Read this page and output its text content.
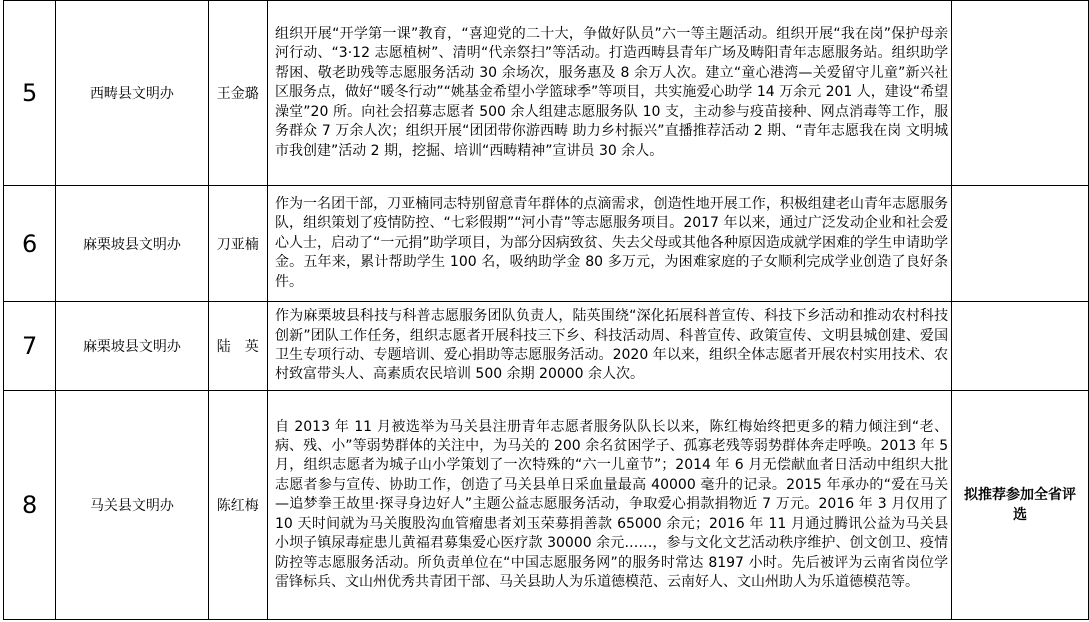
5	西畴县文明办	王金璐	组织开展“开学第一课”教育，“喜迎党的二十大，争做好队员”六一等主题活动。组织开展“我在岗”保护母亲河行动、“3·12 志愿植树”、清明“代亲祭扫”等活动。打造西畴县青年广场及畴阳青年志愿服务站。组织助学帮困、敬老助残等志愿服务活动 30 余场次，服务惠及 8 余万人次。建立“童心港湾—关爱留守儿童”新兴社区服务点，做好“暖冬行动”“姚基金希望小学篮球季”等项目，共实施爱心助学 14 万余元 201 人，建设“希望澡堂”20 所。向社会招募志愿者 500 余人组建志愿服务队 10 支，主动参与疫苗接种、网点消毒等工作，服务群众 7 万余人次；组织开展“团团带你游西畴 助力乡村振兴”直播推荐活动 2 期、“青年志愿我在岗 文明城市我创建”活动 2 期，挖掘、培训“西畴精神”宣讲员 30 余人。	

6	麻栗坡县文明办	刀亚楠	作为一名团干部，刀亚楠同志特别留意青年群体的点滴需求，创造性地开展工作，积极组建老山青年志愿服务队，组织策划了疫情防控、“七彩假期”“河小青”等志愿服务项目。2017 年以来，通过广泛发动企业和社会爱心人士，启动了“一元捐”助学项目，为部分因病致贫、失去父母或其他各种原因造成就学困难的学生申请助学金。五年来，累计帮助学生 100 名，吸纳助学金 80 多万元，为困难家庭的子女顺利完成学业创造了良好条件。	

7	麻栗坡县文明办	陆　英	作为麻栗坡县科技与科普志愿服务团队负责人，陆英围绕“深化拓展科普宣传、科技下乡活动和推动农村科技创新”团队工作任务，组织志愿者开展科技三下乡、科技活动周、科普宣传、政策宣传、文明县城创建、爱国卫生专项行动、专题培训、爱心捐助等志愿服务活动。2020 年以来，组织全体志愿者开展农村实用技术、农村致富带头人、高素质农民培训 500 余期 20000 余人次。	

8	马关县文明办	陈红梅	自 2013 年 11 月被选举为马关县注册青年志愿者服务队队长以来，陈红梅始终把更多的精力倾注到“老、病、残、小”等弱势群体的关注中，为马关的 200 余名贫困学子、孤寡老残等弱势群体奔走呼唤。2013 年 5 月，组织志愿者为城子山小学策划了一次特殊的“六一儿童节”；2014 年 6 月无偿献血者日活动中组织大批志愿者参与宣传、协助工作，创造了马关县单日采血量最高 40000 毫升的记录。2015 年承办的“爱在马关—追梦拳王故里·探寻身边好人”主题公益志愿服务活动，争取爱心捐款捐物近 7 万元。2016 年 3 月仅用了 10 天时间就为马关腹股沟血管瘤患者刘玉荣募捐善款 65000 余元；2016 年 11 月通过腾讯公益为马关县小坝子镇尿毒症患儿黄福君募集爱心医疗款 30000 余元……，参与文化文艺活动秩序维护、创文创卫、疫情防控等志愿服务活动。所负责单位在“中国志愿服务网”的服务时常达 8197 小时。先后被评为云南省岗位学雷锋标兵、文山州优秀共青团干部、马关县助人为乐道德模范、云南好人、文山州助人为乐道德模范等。	拟推荐参加全省评选
